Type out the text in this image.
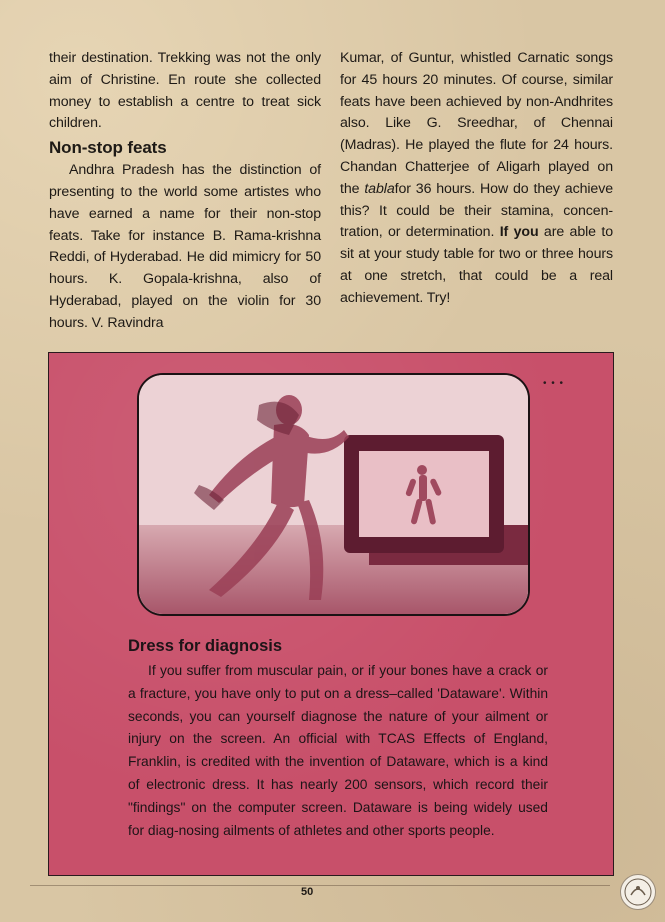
their destination. Trekking was not the only aim of Christine. En route she collected money to establish a centre to treat sick children.

Non-stop feats

Andhra Pradesh has the distinction of presenting to the world some artistes who have earned a name for their non-stop feats. Take for instance B. Rama-krishna Reddi, of Hyderabad. He did mimicry for 50 hours. K. Gopala-krishna, also of Hyderabad, played on the violin for 30 hours. V. Ravindra

Kumar, of Guntur, whistled Carnatic songs for 45 hours 20 minutes. Of course, similar feats have been achieved by non-Andhrites also. Like G. Sreedhar, of Chennai (Madras). He played the flute for 24 hours. Chandan Chatterjee of Aligarh played on the tablafor 36 hours. How do they achieve this? It could be their stamina, concen-tration, or determination. If you are able to sit at your study table for two or three hours at one stretch, that could be a real achievement. Try!

• • •
Dress for diagnosis

If you suffer from muscular pain, or if your bones have a crack or a fracture, you have only to put on a dress–called 'Dataware'. Within seconds, you can yourself diagnose the nature of your ailment or injury on the screen. An official with TCAS Effects of England, Franklin, is credited with the invention of Dataware, which is a kind of electronic dress. It has nearly 200 sensors, which record their "findings" on the computer screen. Dataware is being widely used for diag-nosing ailments of athletes and other sports people.

50
